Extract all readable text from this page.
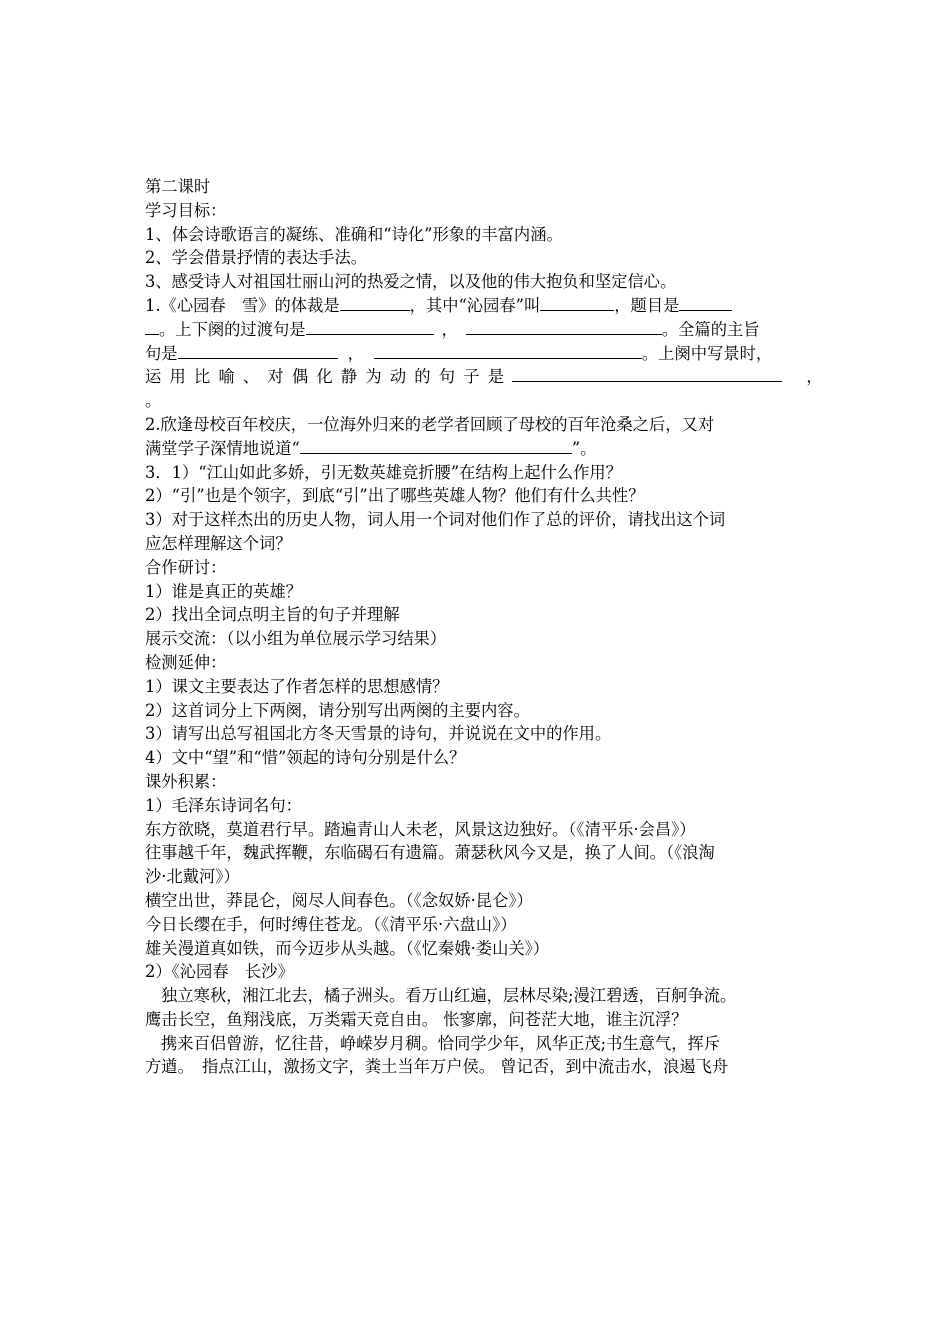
第二课时
学习目标：
1、体会诗歌语言的凝练、准确和“诗化”形象的丰富内涵。
2、学会借景抒情的表达手法。
3、感受诗人对祖国壮丽山河的热爱之情，以及他的伟大抱负和坚定信心。
1.《心园春　雪》的体裁是	，其中“沁园春”叫	，题目是
。上下阕的过渡句是	，	。全篇的主旨
句是	，	。上阕中写景时，
运用比喻、对偶化静为动的句子是	，
。
2.欣逢母校百年校庆，一位海外归来的老学者回顾了母校的百年沧桑之后，又对
满堂学子深情地说道“	”。
3．1）“江山如此多娇，引无数英雄竞折腰”在结构上起什么作用？
2）“引”也是个领字，到底“引”出了哪些英雄人物？他们有什么共性？
3）对于这样杰出的历史人物，词人用一个词对他们作了总的评价，请找出这个词
应怎样理解这个词？
合作研讨：
1）谁是真正的英雄？
2）找出全词点明主旨的句子并理解
展示交流：（以小组为单位展示学习结果）
检测延伸：
1）课文主要表达了作者怎样的思想感情？
2）这首词分上下两阕，请分别写出两阕的主要内容。
3）请写出总写祖国北方冬天雪景的诗句，并说说在文中的作用。
4）文中“望”和“惜”领起的诗句分别是什么？
课外积累：
1）毛泽东诗词名句：
东方欲晓，莫道君行早。踏遍青山人未老，风景这边独好。（《清平乐·会昌》）
往事越千年，魏武挥鞭，东临碣石有遗篇。萧瑟秋风今又是，换了人间。（《浪淘
沙·北戴河》）
横空出世，莽昆仑，阅尽人间春色。（《念奴娇·昆仑》）
今日长缨在手，何时缚住苍龙。（《清平乐·六盘山》）
雄关漫道真如铁，而今迈步从头越。（《忆秦娥·娄山关》）
2）《沁园春　长沙》
独立寒秋，湘江北去，橘子洲头。看万山红遍，层林尽染;漫江碧透，百舸争流。
鹰击长空，鱼翔浅底，万类霜天竞自由。 怅寥廓，问苍茫大地，谁主沉浮？
携来百侣曾游，忆往昔，峥嵘岁月稠。恰同学少年，风华正茂;书生意气，挥斥
方遒。　指点江山，激扬文字，粪土当年万户侯。 曾记否，到中流击水，浪遏飞舟
